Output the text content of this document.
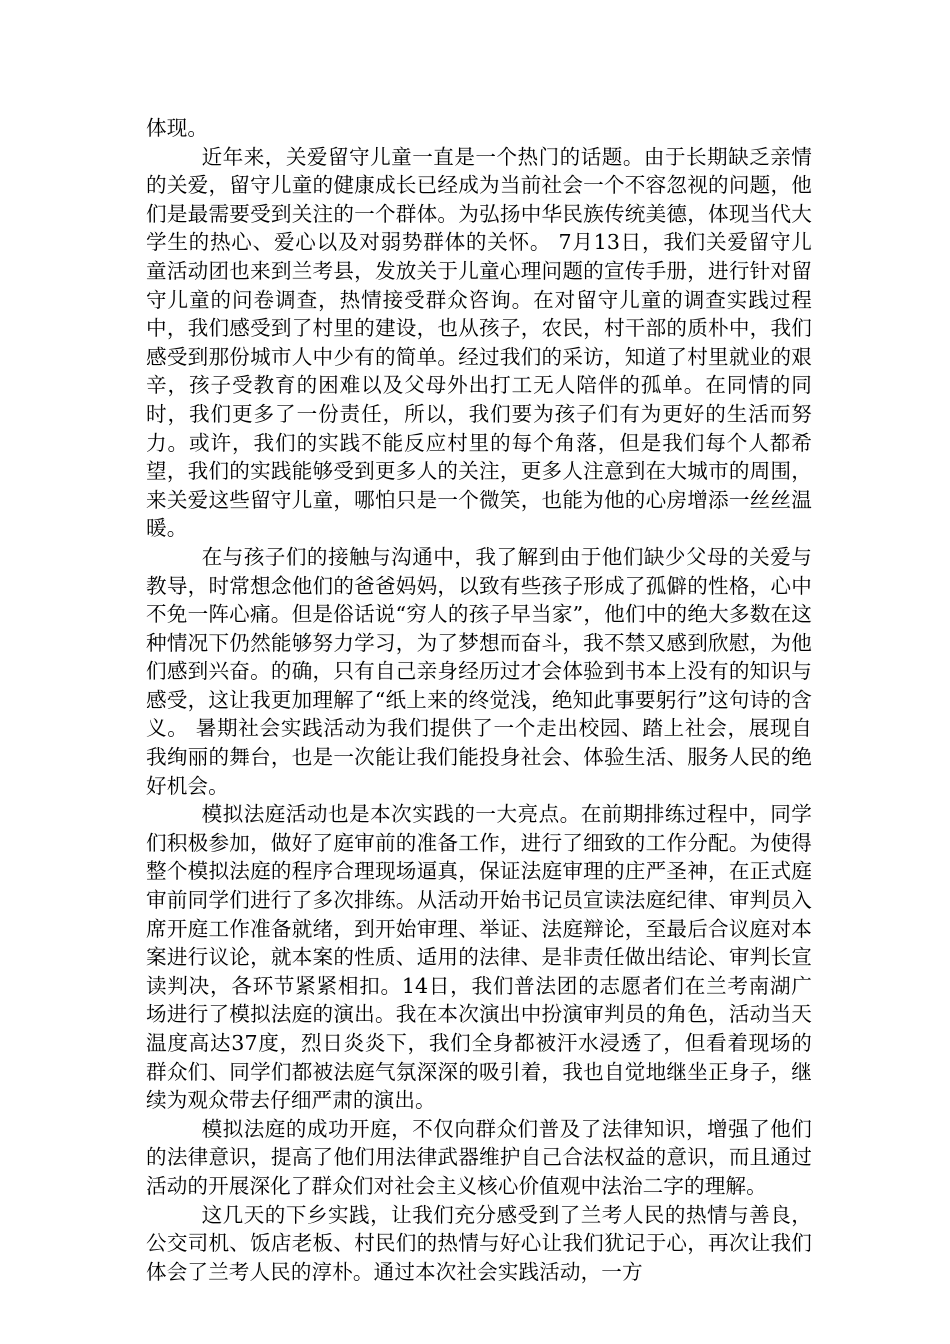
体现。

近年来，关爱留守儿童一直是一个热门的话题。由于长期缺乏亲情的关爱，留守儿童的健康成长已经成为当前社会一个不容忽视的问题，他们是最需要受到关注的一个群体。为弘扬中华民族传统美德，体现当代大学生的热心、爱心以及对弱势群体的关怀。 7月13日，我们关爱留守儿童活动团也来到兰考县，发放关于儿童心理问题的宣传手册，进行针对留守儿童的问卷调查，热情接受群众咨询。在对留守儿童的调查实践过程中，我们感受到了村里的建设，也从孩子，农民，村干部的质朴中，我们感受到那份城市人中少有的简单。经过我们的采访，知道了村里就业的艰辛，孩子受教育的困难以及父母外出打工无人陪伴的孤单。在同情的同时，我们更多了一份责任，所以，我们要为孩子们有为更好的生活而努力。或许，我们的实践不能反应村里的每个角落，但是我们每个人都希望，我们的实践能够受到更多人的关注，更多人注意到在大城市的周围，来关爱这些留守儿童，哪怕只是一个微笑，也能为他的心房增添一丝丝温暖。

在与孩子们的接触与沟通中，我了解到由于他们缺少父母的关爱与教导，时常想念他们的爸爸妈妈，以致有些孩子形成了孤僻的性格，心中不免一阵心痛。但是俗话说“穷人的孩子早当家”，他们中的绝大多数在这种情况下仍然能够努力学习，为了梦想而奋斗，我不禁又感到欣慰，为他们感到兴奋。的确，只有自己亲身经历过才会体验到书本上没有的知识与感受，这让我更加理解了“纸上来的终觉浅，绝知此事要躬行”这句诗的含义。 暑期社会实践活动为我们提供了一个走出校园、踏上社会，展现自我绚丽的舞台，也是一次能让我们能投身社会、体验生活、服务人民的绝好机会。

模拟法庭活动也是本次实践的一大亮点。在前期排练过程中，同学们积极参加，做好了庭审前的准备工作，进行了细致的工作分配。为使得整个模拟法庭的程序合理现场逼真，保证法庭审理的庄严圣神，在正式庭审前同学们进行了多次排练。从活动开始书记员宣读法庭纪律、审判员入席开庭工作准备就绪，到开始审理、举证、法庭辩论，至最后合议庭对本案进行议论，就本案的性质、适用的法律、是非责任做出结论、审判长宣读判决，各环节紧紧相扣。14日，我们普法团的志愿者们在兰考南湖广场进行了模拟法庭的演出。我在本次演出中扮演审判员的角色，活动当天温度高达37度，烈日炎炎下，我们全身都被汗水浸透了，但看着现场的群众们、同学们都被法庭气氛深深的吸引着，我也自觉地继坐正身子，继续为观众带去仔细严肃的演出。

模拟法庭的成功开庭，不仅向群众们普及了法律知识，增强了他们的法律意识，提高了他们用法律武器维护自己合法权益的意识，而且通过活动的开展深化了群众们对社会主义核心价值观中法治二字的理解。

这几天的下乡实践，让我们充分感受到了兰考人民的热情与善良，公交司机、饭店老板、村民们的热情与好心让我们犹记于心，再次让我们体会了兰考人民的淳朴。通过本次社会实践活动，一方
